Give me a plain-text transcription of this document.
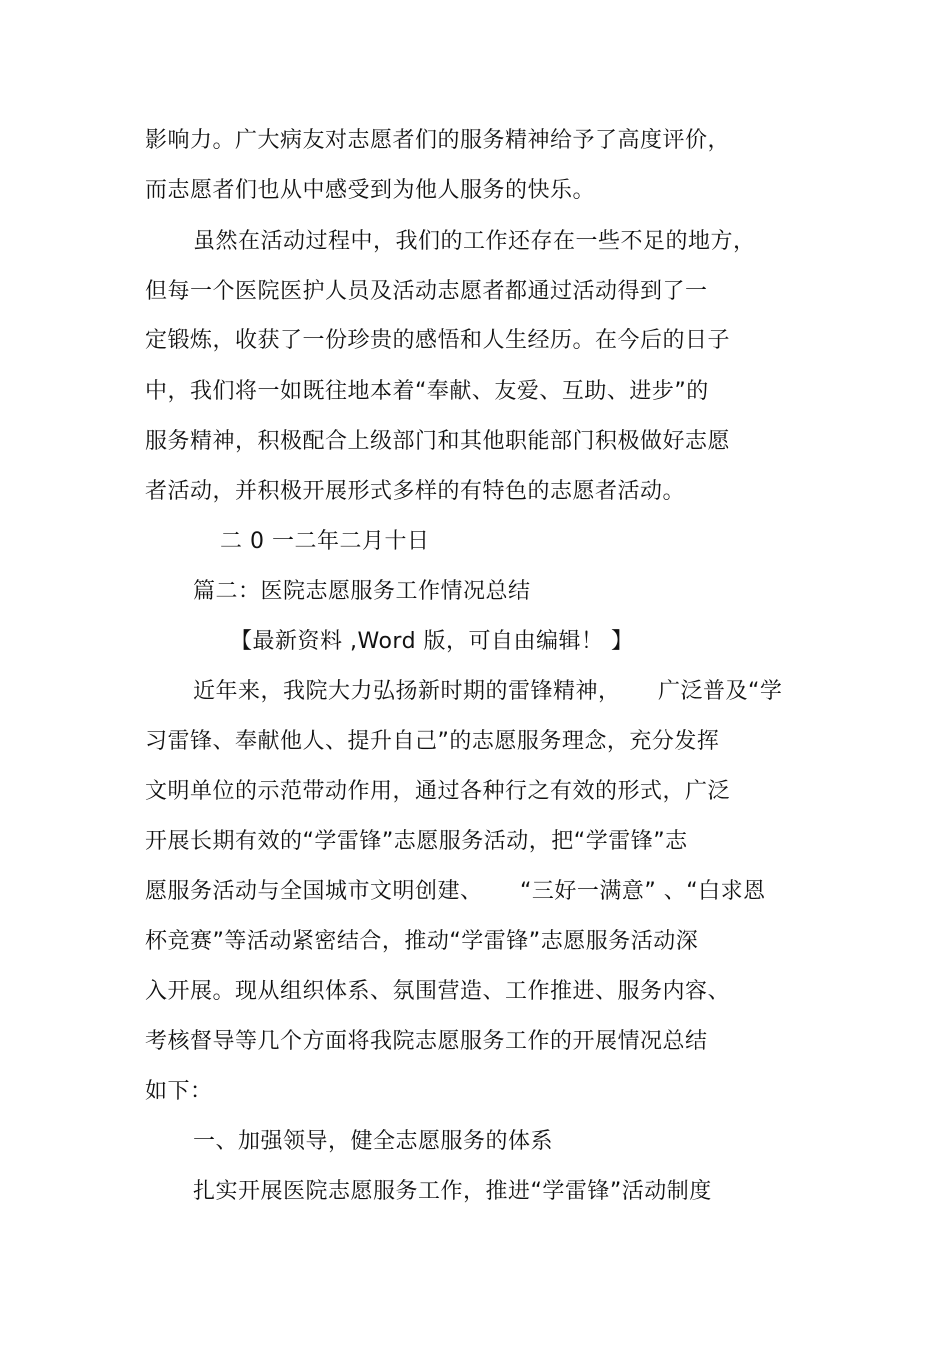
影响力。广大病友对志愿者们的服务精神给予了高度评价，
而志愿者们也从中感受到为他人服务的快乐。
虽然在活动过程中，我们的工作还存在一些不足的地方，
但每一个医院医护人员及活动志愿者都通过活动得到了一
定锻炼，收获了一份珍贵的感悟和人生经历。在今后的日子
中，我们将一如既往地本着“奉献、友爱、互助、进步”的
服务精神，积极配合上级部门和其他职能部门积极做好志愿
者活动，并积极开展形式多样的有特色的志愿者活动。
二 0 一二年二月十日
篇二：医院志愿服务工作情况总结
【最新资料 ,Word 版，可自由编辑！ 】
近年来，我院大力弘扬新时期的雷锋精神，     广泛普及“学
习雷锋、奉献他人、提升自己”的志愿服务理念，充分发挥
文明单位的示范带动作用，通过各种行之有效的形式，广泛
开展长期有效的“学雷锋”志愿服务活动，把“学雷锋”志
愿服务活动与全国城市文明创建、     “三好一满意” 、“白求恩
杯竞赛”等活动紧密结合，推动“学雷锋”志愿服务活动深
入开展。现从组织体系、氛围营造、工作推进、服务内容、
考核督导等几个方面将我院志愿服务工作的开展情况总结
如下：
一、加强领导，健全志愿服务的体系
扎实开展医院志愿服务工作，推进“学雷锋”活动制度
